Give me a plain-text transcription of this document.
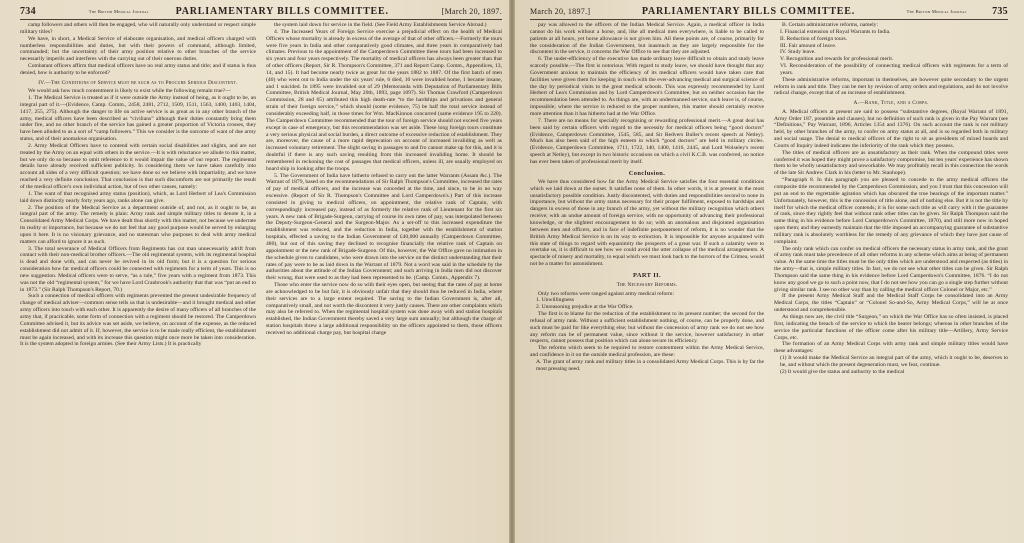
734	The British Medical Journal	PARLIAMENTARY BILLS COMMITTEE.	[March 20, 1897.

camp followers and others will then be engaged, who will naturally only understand or respect simple military titles?

We have, in short, a Medical Service of elaborate organisation, and medical officers charged with numberless responsibilities and duties, but with their powers of command, although limited, commanded; but the uncertainty of their army position relative to other branches of the service necessarily imperils and interferes with the carrying out of their onerous duties.

Combatant officers affirm that medical officers have no real army status and title; and if status is thus denied, how is authority to be enforced?

IV.—The Conditions of Service must be such as to Procure Serious Discontent.

We would ask how much contentment is likely to exist while the following remain true?—

1. The Medical Service is treated as if it were outside the Army instead of being, as it ought to be, an integral part of it.—(Evidence, Camp. Comm., 2458, 2481, 2712, 1509, 1511, 1563, 1400, 1403, 1404, 1417, 255, 275). Although the danger to life on active service is as great as in any other branch of the army, medical officers have been described as “civilians” although their duties constantly bring them under fire, and no other branch of the service has gained a greater proportion of Victoria crosses, they have been alluded to as a sort of “camp followers.” This we consider is the outcome of want of due army status, and of their anomalous organisation.

2. Army Medical Officers have to contend with certain social disabilities and slights, and are not treated by the Army on an equal with others in the service.—It is with reluctance we allude to this matter, but we only do so because to omit reference to it would impair the value of our report. The regimental details have already received sufficient publicity. In considering them we have taken carefully into account all sides of a very difficult question; we have done so we believe with impartiality, and we have reached a very definite conclusion. That conclusion is that such discomforts are not primarily the result of the medical officer's own individual action, but of two other causes, namely:

1. The want of that recognised army status (position), which, as Lord Herbert of Lea's Commission laid down distinctly nearly forty years ago, ranks alone can give.

2. The position of the Medical Service as a department outside of, and not, as it ought to be, an integral part of the army. The remedy is plain: Army rank and simple military titles to denote it, in a Consolidated Army Medical Corps. We have dealt thus shortly with this matter, not because we underrate its reality or importance, but because we do not feel that any good purpose would be served by enlarging upon it here. It is no visionary grievance, and no statesman who purposes to deal with army medical matters can afford to ignore it as such.

3. The total severance of Medical Officers from Regiments has cut man unnecessarily adrift from contact with their non-medical brother officers.—The old regimental system, with its regimental hospital is dead and done with, and can never be revived in its old form; but it is a question for serious consideration how far medical officers could be connected with regiments for a term of years. This is no new suggestion. Medical officers were to serve, “as a rule,” five years with a regiment from 1873. This was not the old “regimental system,” for we have Lord Cranbrook's authority that that was “put an end to in 1873.” (Sir Ralph Thompson's Report, 70.)

Such a connection of medical officers with regiments prevented the present undesirable frequency of change of medical adviser—common sense tells us that is undesirable—and it brought medical and other army officers into touch with each other. It is apparently the desire of many officers of all branches of the army that, if practicable, some form of connection with a regiment should be restored. The Camperdown Committee advised it, but its advice was set aside, we believe, on account of the expense, as the reduced establishment did not admit of it. If, however, the service is to be made really efficient, the establishment must be again increased, and with its increase this question might once more be taken into consideration. It is the system adopted in foreign armies. (See their Army Lists.) It is practically

the system laid down for service in the field. (See Field Army Establishments Service Abroad.)

4. The Increased Years of Foreign Service exercise a prejudicial effect on the health of Medical Officers whose mortality is already in excess of the average of that of other officers.—Formerly the tours were five years in India and other comparatively good climates, and three years in comparatively bad climates. Previous to the appointment of the Camperdown Committee these tours had been increased to six years and four years respectively. The mortality of medical officers has always been greater than that of other officers (Report, Sir R. Thompson's Committee, 371 and Report Camp. Comm., Appendices, 13, 14, and 15). It had become nearly twice as great for the years 1882 to 1887. Of the first batch of men (40) who went out to India under the six years' rule, 6 died, 10 were invalided home, 1 became insane, and 1 suicided. In 1895 were invalided out of 29 (Memoranda with Deputation of Parliamentary Bills Committee, British Medical Journal, May 20th, 1893, page 1097). Sir Thomas Crawford (Camperdown Commission, 28 and 65) attributed this high death-rate “to the hardships and privations and general strain of their foreign service,” which should (some evidence, 75) be half the total service instead of considerably exceeding half, in those times for Wm. MacKinnon concurred (same evidence 195 to 220). The Camperdown Committee recommended that the tour of foreign service should not exceed five years except in case of emergency, but this recommendation was set aside. These long foreign tours constitute a very serious physical and social burden, a direct outcome of excessive reduction of establishment. They are, moreover, the cause of a more rapid deprecation on account of increased invaliding as well as increased voluntary retirement. The slight saving in passages to and fro cannot make up for this, and it is doubtful if there is any such saving resulting from this increased invaliding home. It should be remembered in reckoning the cost of passages that medical officers, unless ill, are usually employed on board ship in looking after the troops.

5. The Government of India have hitherto refused to carry out the latter Warrants (Assam &c.). The Warrant of 1879, based on the recommendations of Sir Ralph Thompson's Committee, increased the rates of pay of medical officers, and the increase was conceded at the time, and since, to be in no way excessive. (Report of Sir R. Thompson's Committee and Lord Camperdown's.) Part of this increase consisted in giving to medical officers, on appointment, the relative rank of Captain, with correspondingly increased pay, instead of as formerly the relative rank of Lieutenant for the first six years. A new rank of Brigade-Surgeon, carrying of course its own rates of pay, was interpolated between the Deputy-Surgeon-General and the Surgeon-Major. As a set-off to this increased expenditure the establishment was reduced, and the reduction in India, together with the establishment of station hospitals, effected a saving to the Indian Government of £40,000 annually (Camperdown Committee, 480), but out of this saving they declined to recognise financially the relative rank of Captain on appointment or the new rank of Brigade-Surgeon. Of this, however, the War Office gave no intimation in the schedule given to candidates, who were drawn into the service on the distinct understanding that their rates of pay were to be as laid down in the Warrant of 1879. Not a word was said in the schedule by the authorities about the attitude of the Indian Government; and such arriving in India men did not discover their wrong, that were used to as they had been represented to be. (Camp. Comm., Appendix 7).

Those who enter the service now do so with their eyes open, but seeing that the rates of pay at home are acknowledged to be but fair, it is obviously unfair that they should thus be reduced in India, where their services are to a large extent required. The saving to the Indian Government is, after all, comparatively small, and not worth the discontent it very justly causes. There are other complaints which may also be referred to. When the regimental hospital system was done away with and station hospitals established, the Indian Government thereby saved a very large sum annually; but although the charge of station hospitals threw a large additional responsibility on the officers appointed to them, those officers received no additional charge pay, but hospital charge

March 20, 1897.]	PARLIAMENTARY BILLS COMMITTEE.	The British Medical Journal	735

pay was allowed to the officers of the Indian Medical Service. Again, a medical officer in India cannot do his work without a horse, and, like all medical men everywhere, is liable to be called to patients at all hours, yet horse allowance is not given him. All these points are, of course, primarily for the consideration of the Indian Government, but inasmuch as they are largely responsible for the discontent in the service, it concerns the War Office to see that they are adjusted.

6. The under-efficiency of the executive has made ordinary leave difficult to obtain and study leave scarcely possible.—The first is notorious. With regard to study leave, we should have thought that any Government anxious to maintain the efficiency of its medical officers would have taken care that facilities were given them for keeping in touch with the ever-advancing medical and surgical science of the day by periodical visits to the great medical schools. This was expressly recommended by Lord Herbert of Lea's Commission and by Lord Camperdown's Committee, but on neither occasion has the recommendation been attended to. As things are, with an undermanned service, such leave is, of course, impossible; where the service is reduced to the proper numbers, this matter should certainly receive more attention than it has hitherto had at the War Office.

7. There are no means for specially recognising or rewarding professional merit.—A great deal has been said by certain officers with regard to the necessity for medical officers being “good doctors” (Evidence, Camperdown Committee, 1545, 585, and Sir Redvers Buller's recent speech at Netley). Much has also been said of the high esteem in which “good doctors” are held in military circles. (Evidence, Camperdown Committee, 1711, 1722, 140, 1400, 1416, 2445, and Lord Wolseley's recent speech at Netley), but except in two historic occasions on which a civil K.C.B. was conferred, no notice has ever been taken of professional merit by itself.

Conclusion.

We have thus considered how far the Army Medical Service satisfies the four essential conditions which we laid down at the outset. It satisfies none of them. In other words, it is at present in the most unsatisfactory possible condition. Justly discontented, with duties and responsibilities second to none in importance, but without the army status necessary for their proper fulfilment, exposed to hardships and dangers in excess of those in any branch of the army, yet without the military recognition which others receive; with an undue amount of foreign service, with no opportunity of advancing their professional knowledge, or the slightest encouragement to do so; with an anomalous and disjointed organisation between men and officers, and in face of indefinite postponement of reform, it is no wonder that the British Army Medical Service is on its way to extinction. It is impossible for anyone acquainted with this state of things to regard with equanimity the prospects of a great war. If such a calamity were to overtake us, it is difficult to see how we could avoid the utter collapse of the medical arrangements. A spectacle of misery and mortality, to equal which we must look back to the horrors of the Crimea, would not be a matter for astonishment.

PART II.
The Necessary Reforms.

Only two reforms were ranged against army medical reform:

1. Unwillingness

2. Unreasoning prejudice at the War Office.

The first is to blame for the reduction of the establishment to its present number; the second for the refusal of army rank. Without a sufficient establishment nothing, of course, can be properly done, and such must be paid for like everything else; but without the concession of army rank we do not see how any reform can be of permanent value, since without it the service, however satisfactory in other respects, cannot possess that position which can alone secure its efficiency.

The reforms which seem to be required to restore contentment within the Army Medical Service, and confidence in it on the outside medical profession, are these:

A. The grant of army rank and military titles in a consolidated Army Medical Corps. This is by far the most pressing need.

B. Certain administrative reforms, namely:

I. Financial extension of Royal Warrants to India.

II. Reduction of foreign tours.

III. Fair amount of leave.

IV. Study leave.

V. Recognition and rewards for professional merit.

VI. Reconsideration of the possibility of connecting medical officers with regiments for a term of years.

These administrative reforms, important in themselves, are however quite secondary to the urgent reform in rank and title. They can be met by revision of army orders and regulations, and do not involve radical change, except that of an increase of establishment.

A.—Rank, Title, and a Corps.

A. Medical officers at present are said to possess “substantive degrees, (Royal Warrant of 1891, Army Order 187, preamble and clauses), but no definition of such rank is given in the Pay Warrant (see “Definitions,” Pay Warrant, 1896, Articles 1354 and 1376). On such account the rank is not military held, by other branches of the army, to confer on army status at all, and is so regarded both in military and social usage. The denial to medical officers of the right to sit as presidents of mixed boards and Courts of Inquiry indeed indicates the inferiority of the rank which they possess.

The titles of medical officers are as unsatisfactory as their rank. When the compound titles were conferred it was hoped they might prove a satisfactory compromise, but ten years' experience has shown them to be wholly unsatisfactory and unworkable. We may profitably recall in this connection the words of the late Sir Andrew Clark in his (letter to Mr. Stanhope).

“Paragraph 8. In this paragraph you are pleased to concede to the army medical officers the composite title recommended by the Camperdown Commission, and you I trust that this concession will put an end to the regrettable agitation which has obscured the true bearings of the important matter.” Unfortunately, however, this is the concession of title alone, and of nothing else. But it is not the title by itself for which the medical officer contends; it is for some such title as will carry with it the guarantee of rank, since they rightly feel that without rank other titles can be given. Sir Ralph Thompson said the same thing in his evidence before Lord Camperdown's Committee, 1870), and still more now in hoped upon them; and they earnestly maintain that the title imposed an accompanying guarantee of substantive military rank is absolutely worthless for the remedy of any grievance of which they have just cause of complaint.

The only rank which can confer on medical officers the necessary status in army rank, and the grant of army rank must take precedence of all other reforms in any scheme which aims at being of permanent value. At the same time the titles must be the only titles which are understood and respected (as titles) in the army—that is, simple military titles. In fact, we do not see what other titles can be given. Sir Ralph Thompson said the same thing in his evidence before Lord Camperdown's Committee, 1876. “I do not know any good we go to such a point now, that I do not see how you can go a single step further without giving similar rank. I see no other way than by calling the medical officer Colonel or Major, etc.”

If the present Army Medical Staff and the Medical Staff Corps be consolidated into an Army Medical Corps, the titles “Captain” or “Colonel So-and-So, Army Medical Corps,” will be at once understood and comprehensible.

As things now are, the civil title “Surgeon,” on which the War Office has so often insisted, is placed first, indicating the breach of the service to which the bearer belongs; whereas in other branches of the service the particular functions of the officer come after his military title—Artillery, Army Service Corps, etc.

The formation of an Army Medical Corps with army rank and simple military titles would have these advantages:

(1) It would make the Medical Service an integral part of the army, which it ought to be, deserves to be, and without which the present degeneration must, we fear, continue.

(2) It would give the status and authority to the medical
